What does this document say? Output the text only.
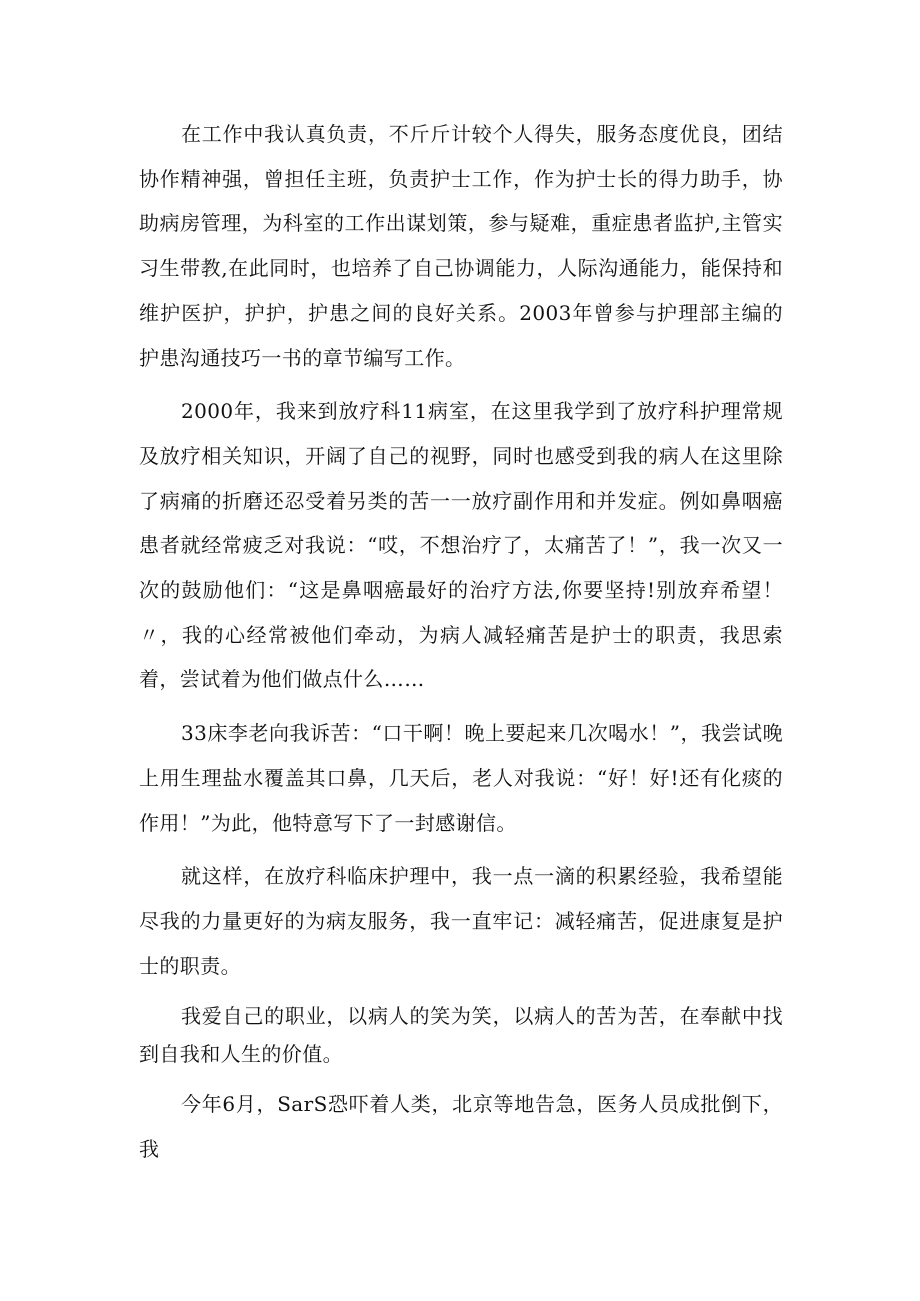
在工作中我认真负责，不斤斤计较个人得失，服务态度优良，团结协作精神强，曾担任主班，负责护士工作，作为护士长的得力助手，协助病房管理，为科室的工作出谋划策，参与疑难，重症患者监护,主管实习生带教,在此同时，也培养了自己协调能力，人际沟通能力，能保持和维护医护，护护，护患之间的良好关系。2003年曾参与护理部主编的护患沟通技巧一书的章节编写工作。

2000年，我来到放疗科11病室，在这里我学到了放疗科护理常规及放疗相关知识，开阔了自己的视野，同时也感受到我的病人在这里除了病痛的折磨还忍受着另类的苦一一放疗副作用和并发症。例如鼻咽癌患者就经常疲乏对我说：“哎，不想治疗了，太痛苦了！”，我一次又一次的鼓励他们：“这是鼻咽癌最好的治疗方法,你要坚持!别放弃希望！〃，我的心经常被他们牵动，为病人减轻痛苦是护士的职责，我思索着，尝试着为他们做点什么……

33床李老向我诉苦：“口干啊！晚上要起来几次喝水！”，我尝试晚上用生理盐水覆盖其口鼻，几天后，老人对我说：“好！好!还有化痰的作用！”为此，他特意写下了一封感谢信。

就这样，在放疗科临床护理中，我一点一滴的积累经验，我希望能尽我的力量更好的为病友服务，我一直牢记：减轻痛苦，促进康复是护士的职责。

我爱自己的职业，以病人的笑为笑，以病人的苦为苦，在奉献中找到自我和人生的价值。

今年6月，SarS恐吓着人类，北京等地告急，医务人员成批倒下，我
